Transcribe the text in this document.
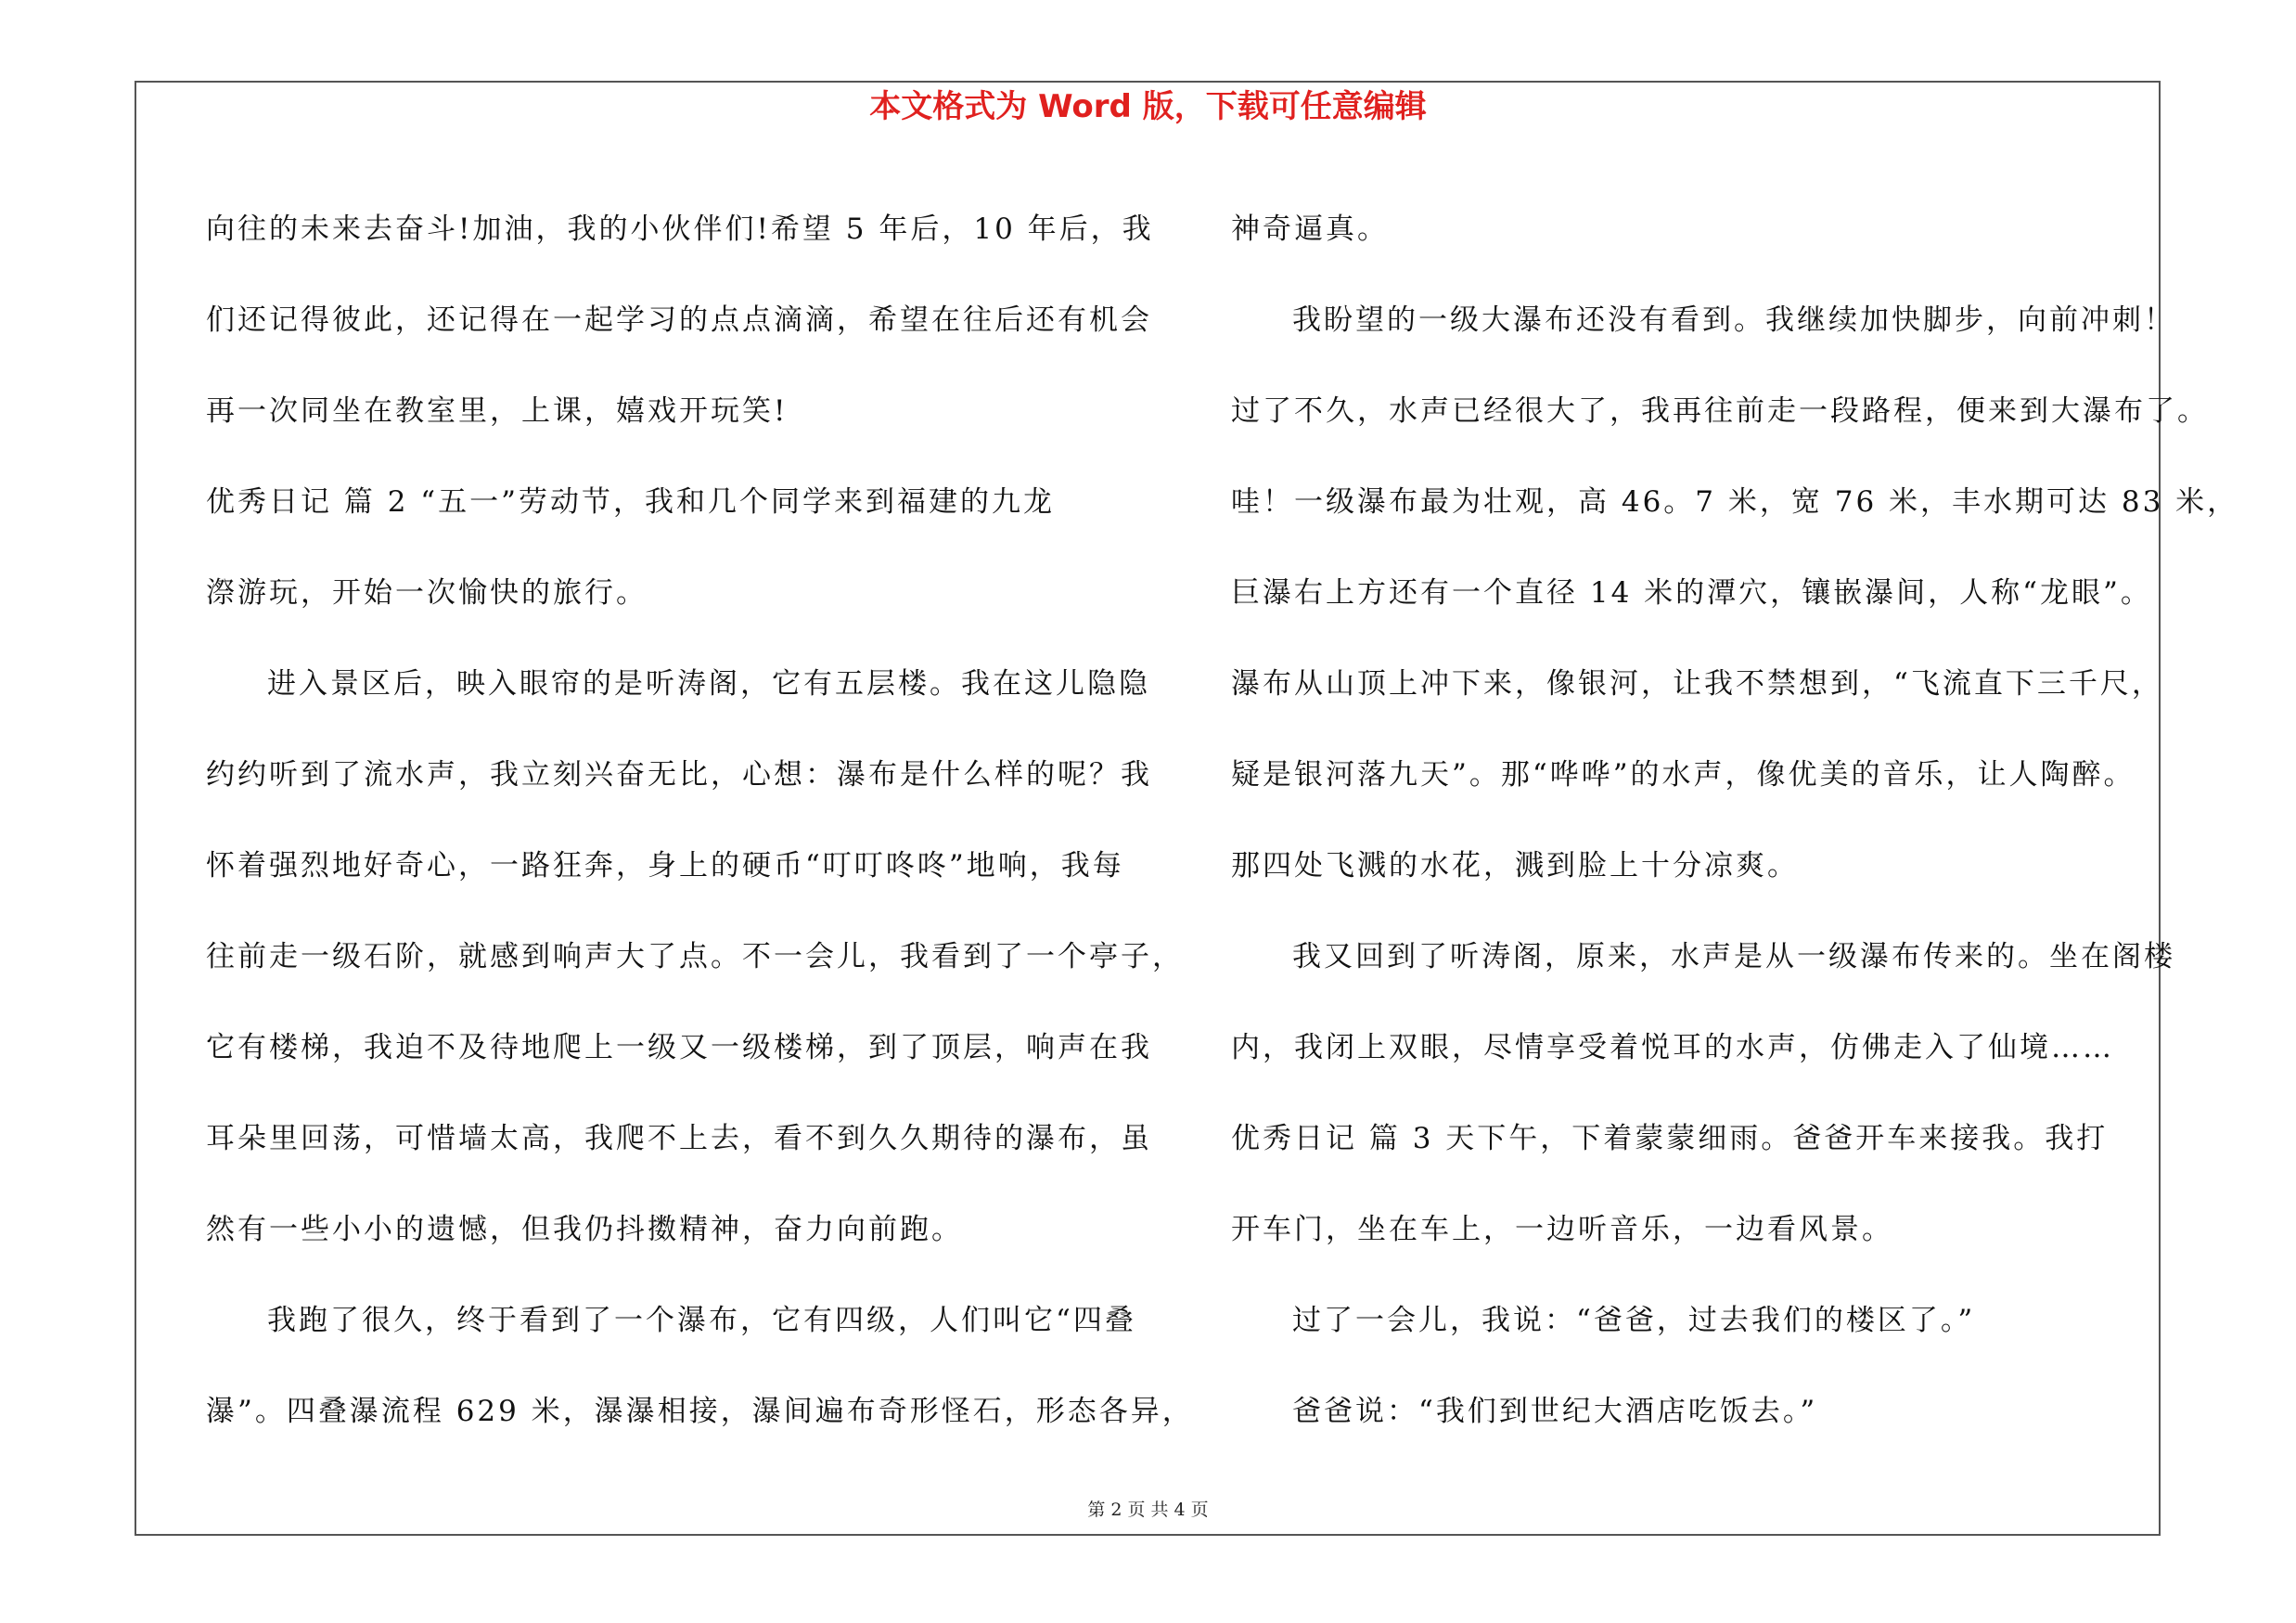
本文格式为 Word 版，下载可任意编辑
向往的未来去奋斗!加油，我的小伙伴们!希望 5 年后，10 年后，我
们还记得彼此，还记得在一起学习的点点滴滴，希望在往后还有机会
再一次同坐在教室里，上课，嬉戏开玩笑!
优秀日记 篇 2 “五一”劳动节，我和几个同学来到福建的九龙
漈游玩，开始一次愉快的旅行。
进入景区后，映入眼帘的是听涛阁，它有五层楼。我在这儿隐隐
约约听到了流水声，我立刻兴奋无比，心想：瀑布是什么样的呢？我
怀着强烈地好奇心，一路狂奔，身上的硬币“叮叮咚咚”地响，我每
往前走一级石阶，就感到响声大了点。不一会儿，我看到了一个亭子，
它有楼梯，我迫不及待地爬上一级又一级楼梯，到了顶层，响声在我
耳朵里回荡，可惜墙太高，我爬不上去，看不到久久期待的瀑布，虽
然有一些小小的遗憾，但我仍抖擞精神，奋力向前跑。
我跑了很久，终于看到了一个瀑布，它有四级，人们叫它“四叠
瀑”。四叠瀑流程 629 米，瀑瀑相接，瀑间遍布奇形怪石，形态各异，
神奇逼真。
我盼望的一级大瀑布还没有看到。我继续加快脚步，向前冲刺！
过了不久，水声已经很大了，我再往前走一段路程，便来到大瀑布了。
哇！一级瀑布最为壮观，高 46。7 米，宽 76 米，丰水期可达 83 米，
巨瀑右上方还有一个直径 14 米的潭穴，镶嵌瀑间，人称“龙眼”。
瀑布从山顶上冲下来，像银河，让我不禁想到，“飞流直下三千尺，
疑是银河落九天”。那“哗哗”的水声，像优美的音乐，让人陶醉。
那四处飞溅的水花，溅到脸上十分凉爽。
我又回到了听涛阁，原来，水声是从一级瀑布传来的。坐在阁楼
内，我闭上双眼，尽情享受着悦耳的水声，仿佛走入了仙境……
优秀日记 篇 3 天下午，下着蒙蒙细雨。爸爸开车来接我。我打
开车门，坐在车上，一边听音乐，一边看风景。
过了一会儿，我说：“爸爸，过去我们的楼区了。”
爸爸说：“我们到世纪大酒店吃饭去。”
第 2 页 共 4 页
